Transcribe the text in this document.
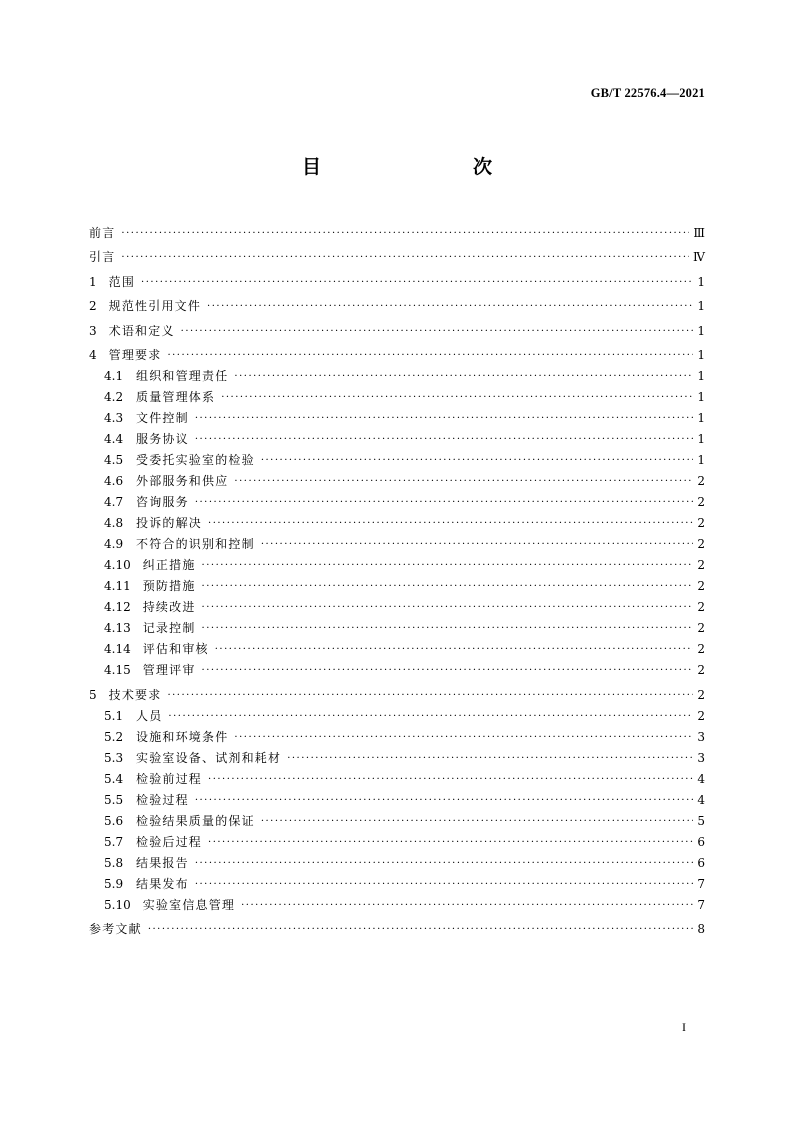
GB/T 22576.4—2021
目　　次
前言 ·····	Ⅲ
引言 ·····	Ⅳ
1 范围 ·····	1
2 规范性引用文件 ·····	1
3 术语和定义 ·····	1
4 管理要求 ·····	1
4.1 组织和管理责任 ·····	1
4.2 质量管理体系 ·····	1
4.3 文件控制 ·····	1
4.4 服务协议 ·····	1
4.5 受委托实验室的检验 ·····	1
4.6 外部服务和供应 ·····	2
4.7 咨询服务 ·····	2
4.8 投诉的解决 ·····	2
4.9 不符合的识别和控制 ·····	2
4.10 纠正措施 ·····	2
4.11 预防措施 ·····	2
4.12 持续改进 ·····	2
4.13 记录控制 ·····	2
4.14 评估和审核 ·····	2
4.15 管理评审 ·····	2
5 技术要求 ·····	2
5.1 人员 ·····	2
5.2 设施和环境条件 ·····	3
5.3 实验室设备、试剂和耗材 ·····	3
5.4 检验前过程 ·····	4
5.5 检验过程 ·····	4
5.6 检验结果质量的保证 ·····	5
5.7 检验后过程 ·····	6
5.8 结果报告 ·····	6
5.9 结果发布 ·····	7
5.10 实验室信息管理 ·····	7
参考文献 ·····	8
I
